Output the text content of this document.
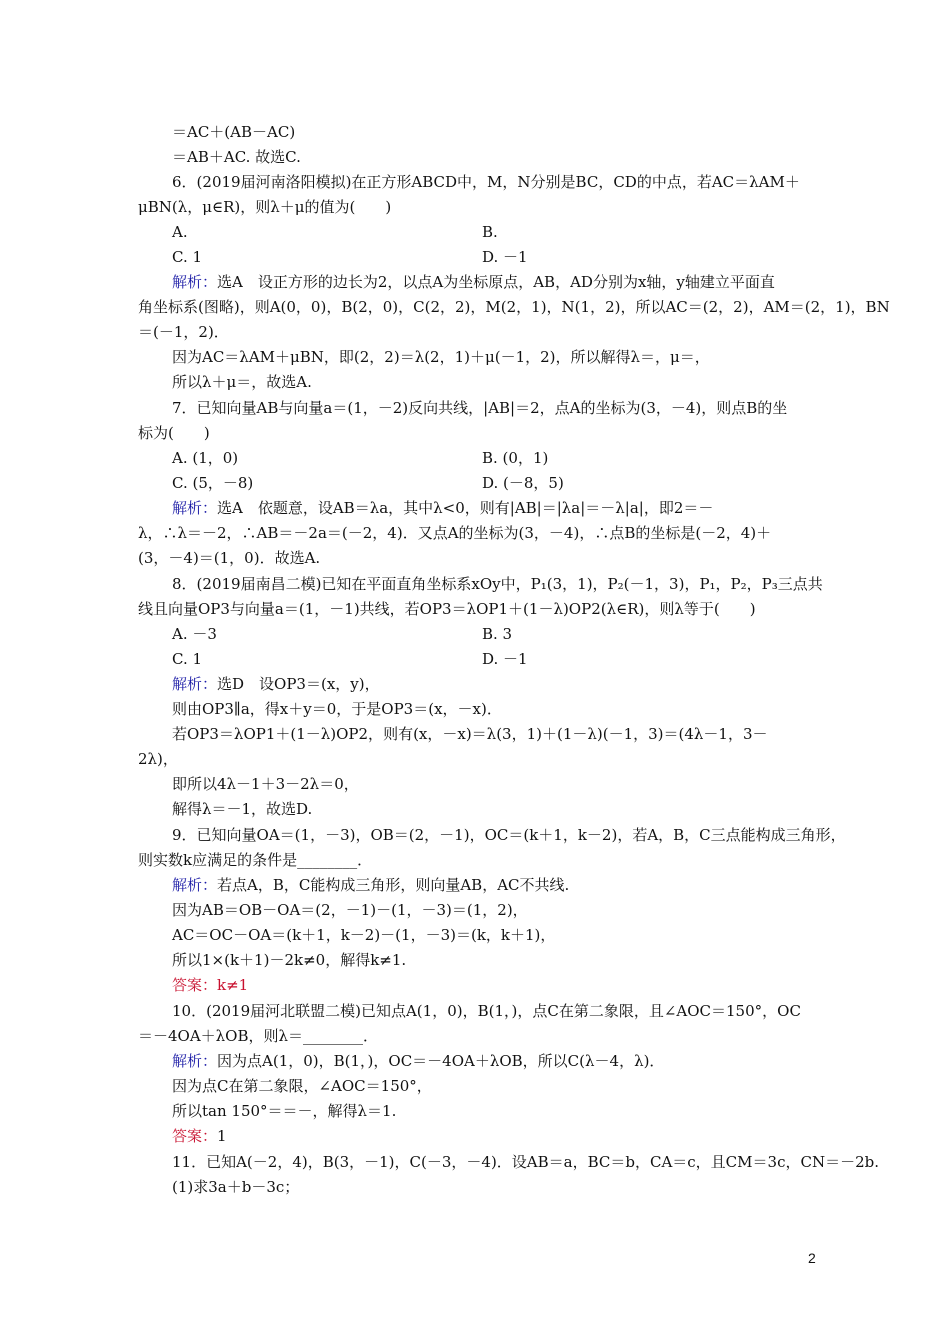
＝AC＋(AB－AC)
＝AB＋AC. 故选C.
6．(2019届河南洛阳模拟)在正方形ABCD中，M，N分别是BC，CD的中点，若AC＝λAM＋
μBN(λ，μ∈R)，则λ＋μ的值为(　　)
A.	B.
C. 1	D. －1
解析：选A　设正方形的边长为2，以点A为坐标原点，AB，AD分别为x轴，y轴建立平面直
角坐标系(图略)，则A(0，0)，B(2，0)，C(2，2)，M(2，1)，N(1，2)，所以AC＝(2，2)，AM＝(2，1)，BN
＝(－1，2)．
因为AC＝λAM＋μBN，即(2，2)＝λ(2，1)＋μ(－1，2)，所以解得λ＝，μ＝，
所以λ＋μ＝，故选A.
7．已知向量AB与向量a＝(1，－2)反向共线，|AB|＝2，点A的坐标为(3，－4)，则点B的坐
标为(　　)
A. (1，0)	B. (0，1)
C. (5，－8)	D. (－8，5)
解析：选A　依题意，设AB＝λa，其中λ<0，则有|AB|＝|λa|＝－λ|a|，即2＝－
λ，∴λ＝－2，∴AB＝－2a＝(－2，4)．又点A的坐标为(3，－4)，∴点B的坐标是(－2，4)＋
(3，－4)＝(1，0)．故选A.
8．(2019届南昌二模)已知在平面直角坐标系xOy中，P₁(3，1)，P₂(－1，3)，P₁，P₂，P₃三点共
线且向量OP3与向量a＝(1，－1)共线，若OP3＝λOP1＋(1－λ)OP2(λ∈R)，则λ等于(　　)
A. －3	B. 3
C. 1	D. －1
解析：选D　设OP3＝(x，y)，
则由OP3∥a，得x＋y＝0，于是OP3＝(x，－x)．
若OP3＝λOP1＋(1－λ)OP2，则有(x，－x)＝λ(3，1)＋(1－λ)(－1，3)＝(4λ－1，3－
2λ)，
即所以4λ－1＋3－2λ＝0，
解得λ＝－1，故选D.
9．已知向量OA＝(1，－3)，OB＝(2，－1)，OC＝(k＋1，k－2)，若A，B，C三点能构成三角形，
则实数k应满足的条件是________．
解析：若点A，B，C能构成三角形，则向量AB，AC不共线.
因为AB＝OB－OA＝(2，－1)－(1，－3)＝(1，2)，
AC＝OC－OA＝(k＋1，k－2)－(1，－3)＝(k，k＋1)，
所以1×(k＋1)－2k≠0，解得k≠1.
答案：k≠1
10．(2019届河北联盟二模)已知点A(1，0)，B(1，)，点C在第二象限，且∠AOC＝150°，OC
＝－4OA＋λOB，则λ＝________．
解析：因为点A(1，0)，B(1，)，OC＝－4OA＋λOB，所以C(λ－4，λ)．
因为点C在第二象限，∠AOC＝150°，
所以tan 150°＝＝－，解得λ＝1.
答案：1
11．已知A(－2，4)，B(3，－1)，C(－3，－4)．设AB＝a，BC＝b，CA＝c，且CM＝3c，CN＝－2b.
(1)求3a＋b－3c；
2
